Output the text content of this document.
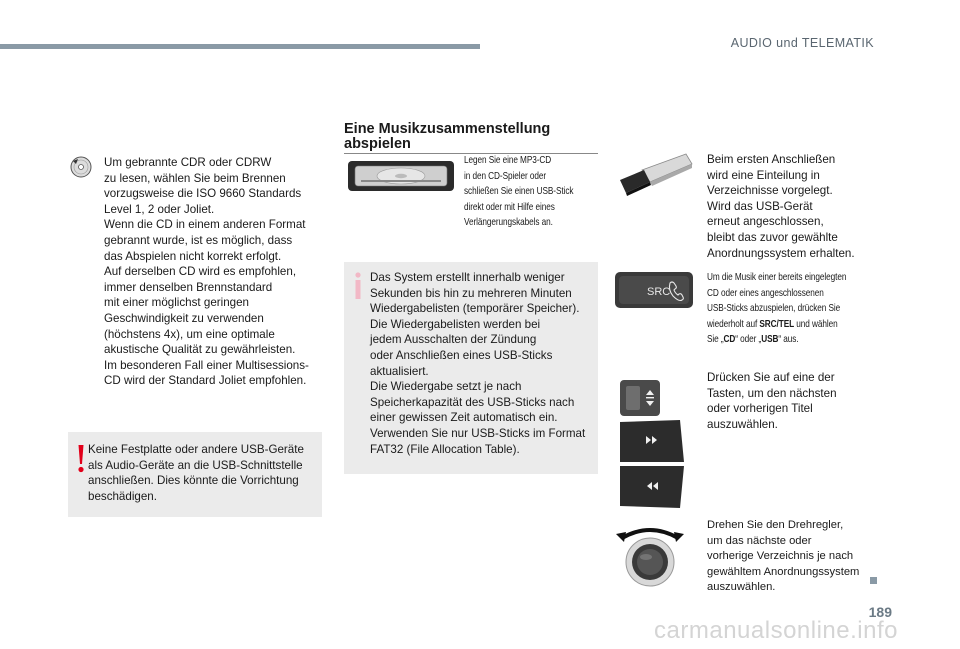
AUDIO und TELEMATIK
Um gebrannte CDR oder CDRW
zu lesen, wählen Sie beim Brennen
vorzugsweise die ISO 9660 Standards
Level 1, 2 oder Joliet.
Wenn die CD in einem anderen Format
gebrannt wurde, ist es möglich, dass
das Abspielen nicht korrekt erfolgt.
Auf derselben CD wird es empfohlen,
immer denselben Brennstandard
mit einer möglichst geringen
Geschwindigkeit zu verwenden
(höchstens 4x), um eine optimale
akustische Qualität zu gewährleisten.
Im besonderen Fall einer Multisessions-
CD wird der Standard Joliet empfohlen.
Keine Festplatte oder andere USB-Geräte
als Audio-Geräte an die USB-Schnittstelle
anschließen. Dies könnte die Vorrichtung
beschädigen.
Eine Musikzusammenstellung
abspielen
Legen Sie eine MP3-CD
in den CD-Spieler oder
schließen Sie einen USB-Stick
direkt oder mit Hilfe eines
Verlängerungskabels an.
Das System erstellt innerhalb weniger
Sekunden bis hin zu mehreren Minuten
Wiedergabelisten (temporärer Speicher).
Die Wiedergabelisten werden bei
jedem Ausschalten der Zündung
oder Anschließen eines USB-Sticks
aktualisiert.
Die Wiedergabe setzt je nach
Speicherkapazität des USB-Sticks nach
einer gewissen Zeit automatisch ein.
Verwenden Sie nur USB-Sticks im Format
FAT32 (File Allocation Table).
Beim ersten Anschließen
wird eine Einteilung in
Verzeichnisse vorgelegt.
Wird das USB-Gerät
erneut angeschlossen,
bleibt das zuvor gewählte
Anordnungssystem erhalten.
SRC
Um die Musik einer bereits eingelegten
CD oder eines angeschlossenen
USB-Sticks abzuspielen, drücken Sie
wiederholt auf SRC/TEL und wählen
Sie „CD“ oder „USB“ aus.
Drücken Sie auf eine der
Tasten, um den nächsten
oder vorherigen Titel
auszuwählen.
Drehen Sie den Drehregler,
um das nächste oder
vorherige Verzeichnis je nach
gewähltem Anordnungssystem
auszuwählen.
189
carmanualsonline.info
